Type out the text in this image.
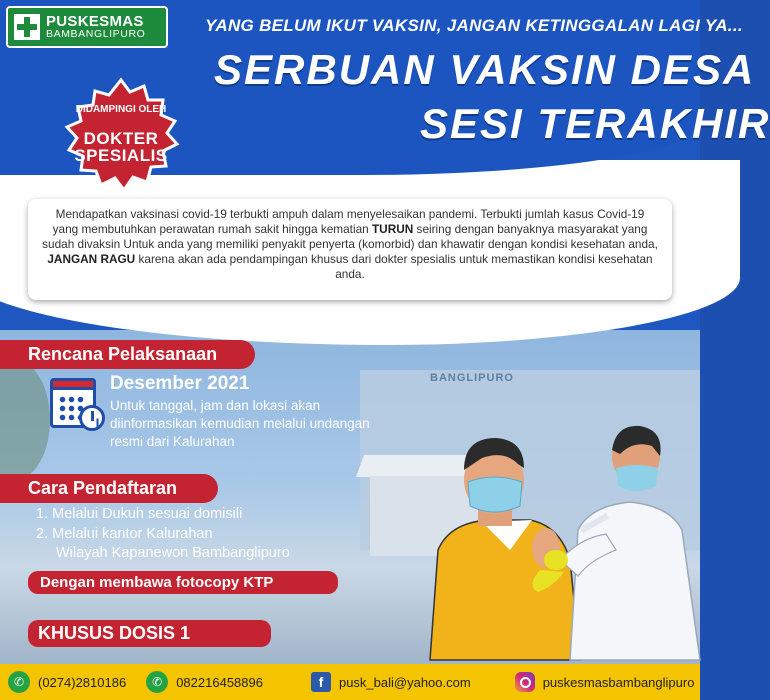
BANGLIPURO
PUSKESMAS
BAMBANGLIPURO	YANG BELUM IKUT VAKSIN, JANGAN KETINGGALAN LAGI YA...
SERBUAN VAKSIN DESA
SESI TERAKHIR
DIDAMPINGI OLEH
DOKTER
SPESIALIS
Mendapatkan vaksinasi covid-19 terbukti ampuh dalam menyelesaikan pandemi. Terbukti jumlah kasus Covid-19 yang membutuhkan perawatan rumah sakit hingga kematian TURUN seiring dengan banyaknya masyarakat yang sudah divaksin Untuk anda yang memiliki penyakit penyerta (komorbid) dan khawatir dengan kondisi kesehatan anda, JANGAN RAGU karena akan ada pendampingan khusus dari dokter spesialis untuk memastikan kondisi kesehatan anda.
Rencana Pelaksanaan
Desember 2021
Untuk tanggal, jam dan lokasi akan diinformasikan kemudian melalui undangan resmi dari Kalurahan
Cara Pendaftaran
1. Melalui Dukuh sesuai domisili
2. Melalui kantor Kalurahan
Wilayah Kapanewon Bambanglipuro
Dengan membawa fotocopy KTP
KHUSUS DOSIS 1
✆	(0274)2810186	✆	082216458896	f	pusk_bali@yahoo.com	puskesmasbambanglipuro
